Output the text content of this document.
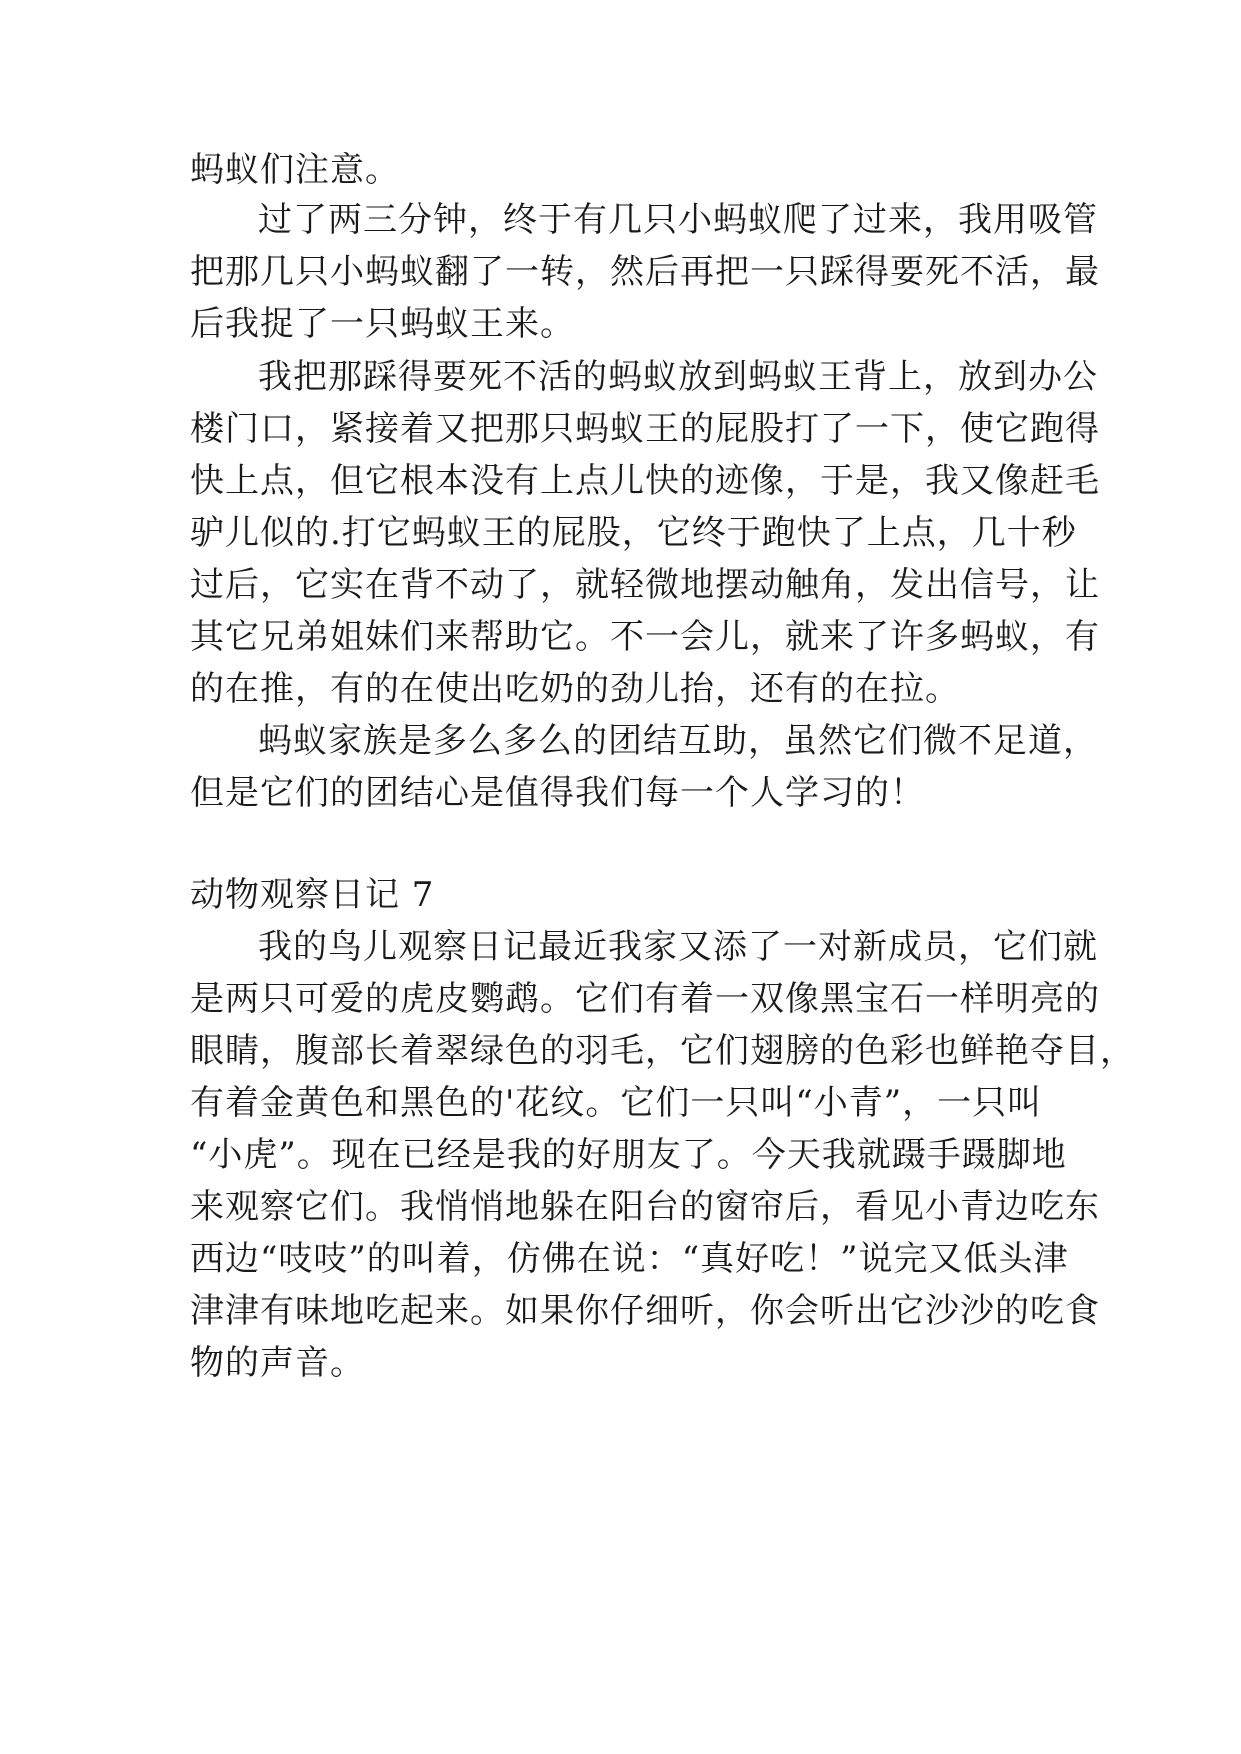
蚂蚁们注意。

过了两三分钟，终于有几只小蚂蚁爬了过来，我用吸管

把那几只小蚂蚁翻了一转，然后再把一只踩得要死不活，最

后我捉了一只蚂蚁王来。

我把那踩得要死不活的蚂蚁放到蚂蚁王背上，放到办公

楼门口，紧接着又把那只蚂蚁王的屁股打了一下，使它跑得

快上点，但它根本没有上点儿快的迹像，于是，我又像赶毛

驴儿似的.打它蚂蚁王的屁股，它终于跑快了上点，几十秒

过后，它实在背不动了，就轻微地摆动触角，发出信号，让

其它兄弟姐妹们来帮助它。不一会儿，就来了许多蚂蚁，有

的在推，有的在使出吃奶的劲儿抬，还有的在拉。

蚂蚁家族是多么多么的团结互助，虽然它们微不足道，

但是它们的团结心是值得我们每一个人学习的！

动物观察日记 7

我的鸟儿观察日记最近我家又添了一对新成员，它们就

是两只可爱的虎皮鹦鹉。它们有着一双像黑宝石一样明亮的

眼睛，腹部长着翠绿色的羽毛，它们翅膀的色彩也鲜艳夺目，

有着金黄色和黑色的'花纹。它们一只叫“小青”，一只叫

“小虎”。现在已经是我的好朋友了。今天我就蹑手蹑脚地

来观察它们。我悄悄地躲在阳台的窗帘后，看见小青边吃东

西边“吱吱”的叫着，仿佛在说：“真好吃！”说完又低头津

津津有味地吃起来。如果你仔细听，你会听出它沙沙的吃食

物的声音。
